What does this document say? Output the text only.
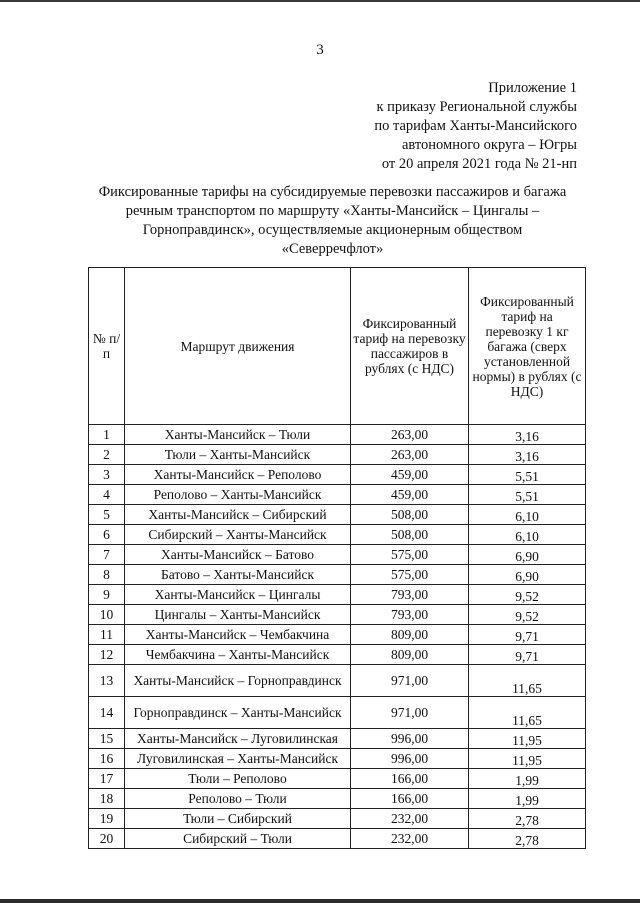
3
Приложение 1
к приказу Региональной службы
по тарифам Ханты-Мансийского
автономного округа – Югры
от 20 апреля 2021 года № 21-нп
Фиксированные тарифы на субсидируемые перевозки пассажиров и багажа
речным транспортом по маршруту «Ханты-Мансийск – Цингалы –
Горноправдинск», осуществляемые акционерным обществом
«Северречфлот»
№ п/п	Маршрут движения	Фиксированный тариф на перевозку пассажиров в рублях (с НДС)	Фиксированный тариф на перевозку 1 кг багажа (сверх установленной нормы) в рублях (с НДС)
1	Ханты-Мансийск – Тюли	263,00	3,16
2	Тюли – Ханты-Мансийск	263,00	3,16
3	Ханты-Мансийск – Реполово	459,00	5,51
4	Реполово – Ханты-Мансийск	459,00	5,51
5	Ханты-Мансийск – Сибирский	508,00	6,10
6	Сибирский – Ханты-Мансийск	508,00	6,10
7	Ханты-Мансийск – Батово	575,00	6,90
8	Батово – Ханты-Мансийск	575,00	6,90
9	Ханты-Мансийск – Цингалы	793,00	9,52
10	Цингалы – Ханты-Мансийск	793,00	9,52
11	Ханты-Мансийск – Чембакчина	809,00	9,71
12	Чембакчина – Ханты-Мансийск	809,00	9,71
13	Ханты-Мансийск – Горноправдинск	971,00	11,65
14	Горноправдинск – Ханты-Мансийск	971,00	11,65
15	Ханты-Мансийск – Луговилинская	996,00	11,95
16	Луговилинская – Ханты-Мансийск	996,00	11,95
17	Тюли – Реполово	166,00	1,99
18	Реполово – Тюли	166,00	1,99
19	Тюли – Сибирский	232,00	2,78
20	Сибирский – Тюли	232,00	2,78
